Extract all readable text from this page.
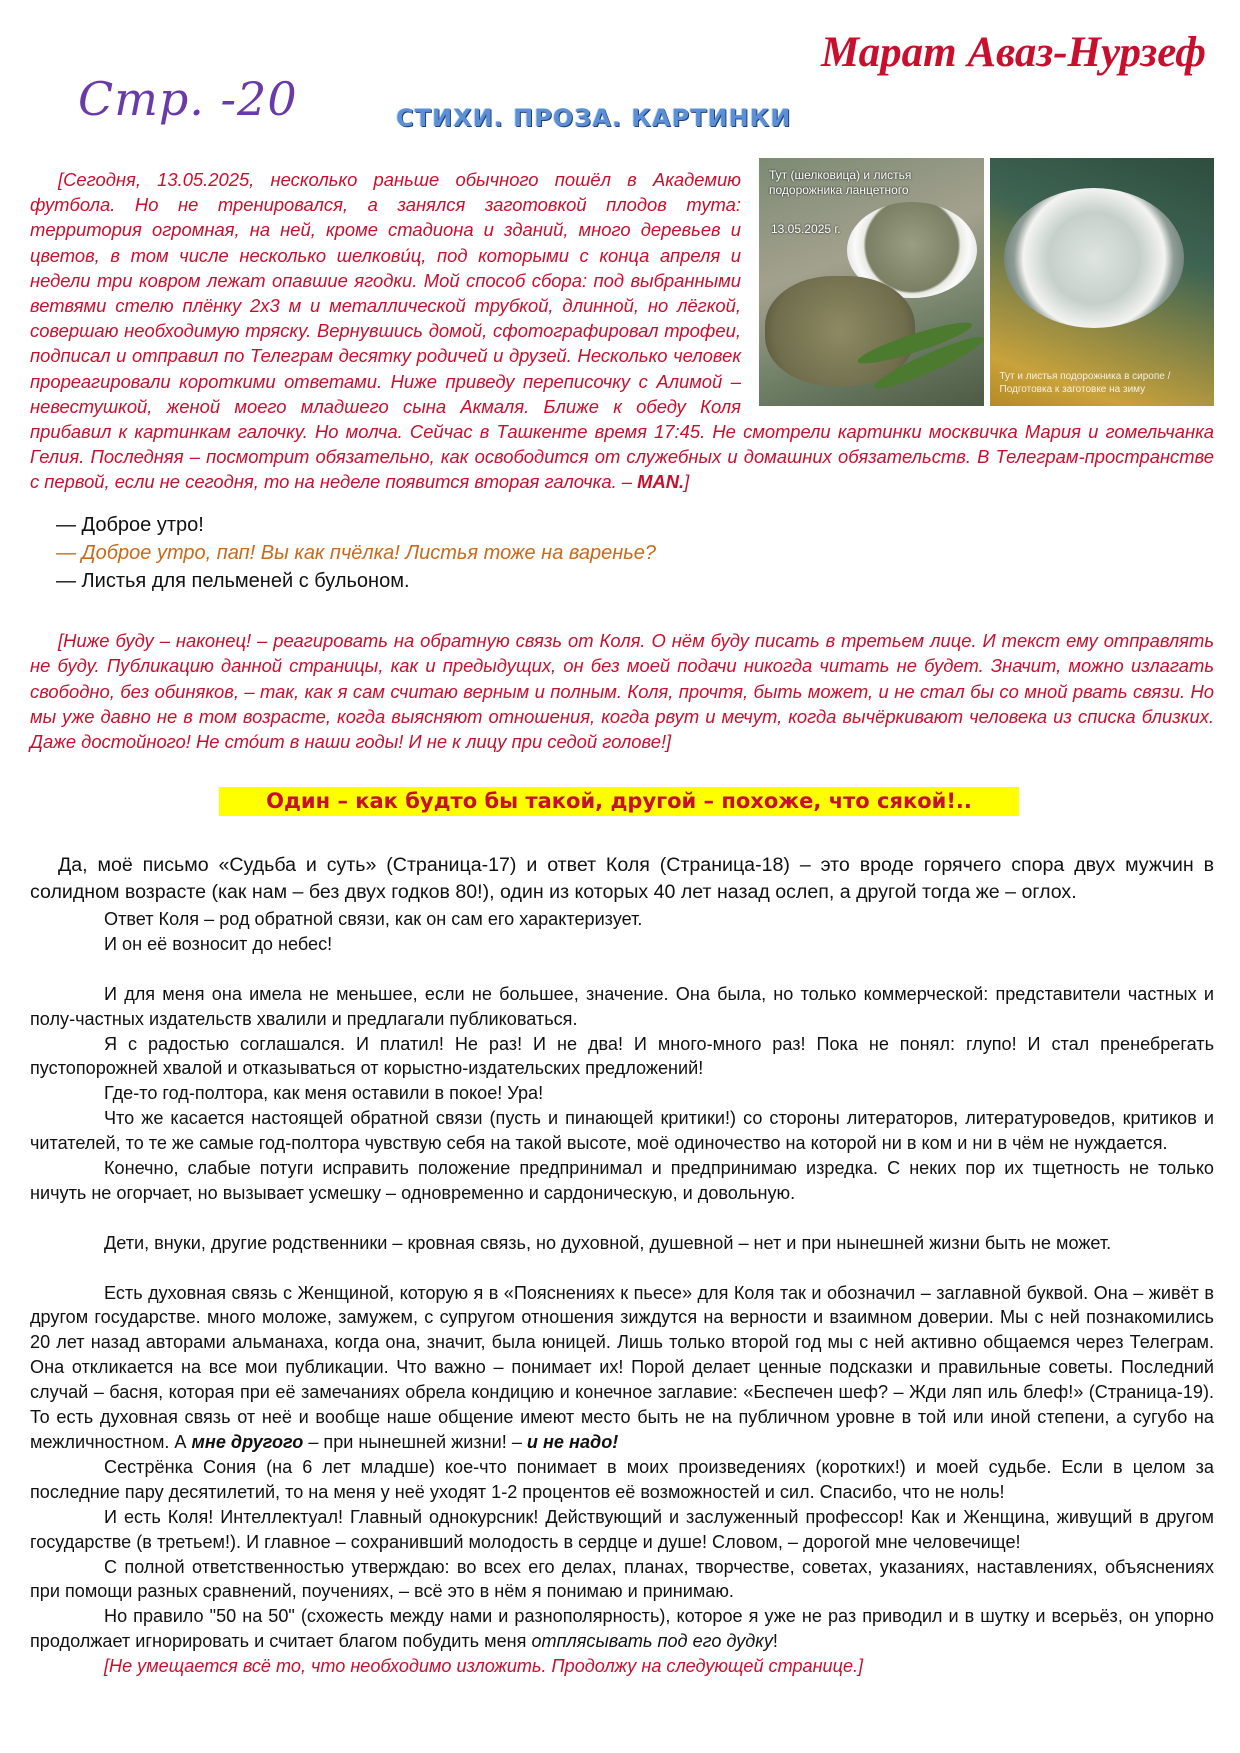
Марат Аваз-Нурзеф
Стр. -20	СТИХИ. ПРОЗА. КАРТИНКИ
Тут (шелковица) и листья подорожника ланцетного
13.05.2025 г.
Тут и листья подорожника в сиропе / Подготовка к заготовке на зиму

[Сегодня, 13.05.2025, несколько раньше обычного пошёл в Академию футбола. Но не тренировался, а занялся заготовкой плодов тута: территория огромная, на ней, кроме стадиона и зданий, много деревьев и цветов, в том числе несколько шелкови́ц, под которыми с конца апреля и недели три ковром лежат опавшие ягодки. Мой способ сбора: под выбранными ветвями стелю плёнку 2х3 м и металлической трубкой, длинной, но лёгкой, совершаю необходимую тряску. Вернувшись домой, сфотографировал трофеи, подписал и отправил по Телеграм десятку родичей и друзей. Несколько человек прореагировали короткими ответами. Ниже приведу переписочку с Алимой – невестушкой, женой моего младшего сына Акмаля. Ближе к обеду Коля прибавил к картинкам галочку. Но молча. Сейчас в Ташкенте время 17:45. Не смотрели картинки москвичка Мария и гомельчанка Гелия. Последняя – посмотрит обязательно, как освободится от служебных и домашних обязательств. В Телеграм-пространстве с первой, если не сегодня, то на неделе появится вторая галочка. – MAN.]

— Доброе утро!
— Доброе утро, пап! Вы как пчёлка! Листья тоже на варенье?
— Листья для пельменей с бульоном.

[Ниже буду – наконец! – реагировать на обратную связь от Коля. О нём буду писать в третьем лице. И текст ему отправлять не буду. Публикацию данной страницы, как и предыдущих, он без моей подачи никогда читать не будет. Значит, можно излагать свободно, без обиняков, – так, как я сам считаю верным и полным. Коля, прочтя, быть может, и не стал бы со мной рвать связи. Но мы уже давно не в том возрасте, когда выясняют отношения, когда рвут и мечут, когда вычёркивают человека из списка близких. Даже достойного! Не сто́ит в наши годы! И не к лицу при седой голове!]

Один – как будто бы такой, другой – похоже, что сякой!..

Да, моё письмо «Судьба и суть» (Страница-17) и ответ Коля (Страница-18) – это вроде горячего спора двух мужчин в солидном возрасте (как нам – без двух годков 80!), один из которых 40 лет назад ослеп, а другой тогда же – оглох.

Ответ Коля – род обратной связи, как он сам его характеризует.

И он её возносит до небес!

И для меня она имела не меньшее, если не большее, значение. Она была, но только коммерческой: представители частных и полу-частных издательств хвалили и предлагали публиковаться.

Я с радостью соглашался. И платил! Не раз! И не два! И много-много раз! Пока не понял: глупо! И стал пренебрегать пустопорожней хвалой и отказываться от корыстно-издательских предложений!

Где-то год-полтора, как меня оставили в покое! Ура!

Что же касается настоящей обратной связи (пусть и пинающей критики!) со стороны литераторов, литературоведов, критиков и читателей, то те же самые год-полтора чувствую себя на такой высоте, моё одиночество на которой ни в ком и ни в чём не нуждается.

Конечно, слабые потуги исправить положение предпринимал и предпринимаю изредка. С неких пор их тщетность не только ничуть не огорчает, но вызывает усмешку – одновременно и сардоническую, и довольную.

Дети, внуки, другие родственники – кровная связь, но духовной, душевной – нет и при нынешней жизни быть не может.

Есть духовная связь с Женщиной, которую я в «Пояснениях к пьесе» для Коля так и обозначил – заглавной буквой. Она – живёт в другом государстве. много моложе, замужем, с супругом отношения зиждутся на верности и взаимном доверии. Мы с ней познакомились 20 лет назад авторами альманаха, когда она, значит, была юницей. Лишь только второй год мы с ней активно общаемся через Телеграм. Она откликается на все мои публикации. Что важно – понимает их! Порой делает ценные подсказки и правильные советы. Последний случай – басня, которая при её замечаниях обрела кондицию и конечное заглавие: «Беспечен шеф? – Жди ляп иль блеф!» (Страница-19). То есть духовная связь от неё и вообще наше общение имеют место быть не на публичном уровне в той или иной степени, а сугубо на межличностном. А мне другого – при нынешней жизни! – и не надо!

Сестрёнка Сония (на 6 лет младше) кое-что понимает в моих произведениях (коротких!) и моей судьбе. Если в целом за последние пару десятилетий, то на меня у неё уходят 1-2 процентов её возможностей и сил. Спасибо, что не ноль!

И есть Коля! Интеллектуал! Главный однокурсник! Действующий и заслуженный профессор! Как и Женщина, живущий в другом государстве (в третьем!). И главное – сохранивший молодость в сердце и душе! Словом, – дорогой мне человечище!

С полной ответственностью утверждаю: во всех его делах, планах, творчестве, советах, указаниях, наставлениях, объяснениях при помощи разных сравнений, поучениях, – всё это в нём я понимаю и принимаю.

Но правило "50 на 50" (схожесть между нами и разнополярность), которое я уже не раз приводил и в шутку и всерьёз, он упорно продолжает игнорировать и считает благом побудить меня отплясывать под его дудку!

[Не умещается всё то, что необходимо изложить. Продолжу на следующей странице.]
